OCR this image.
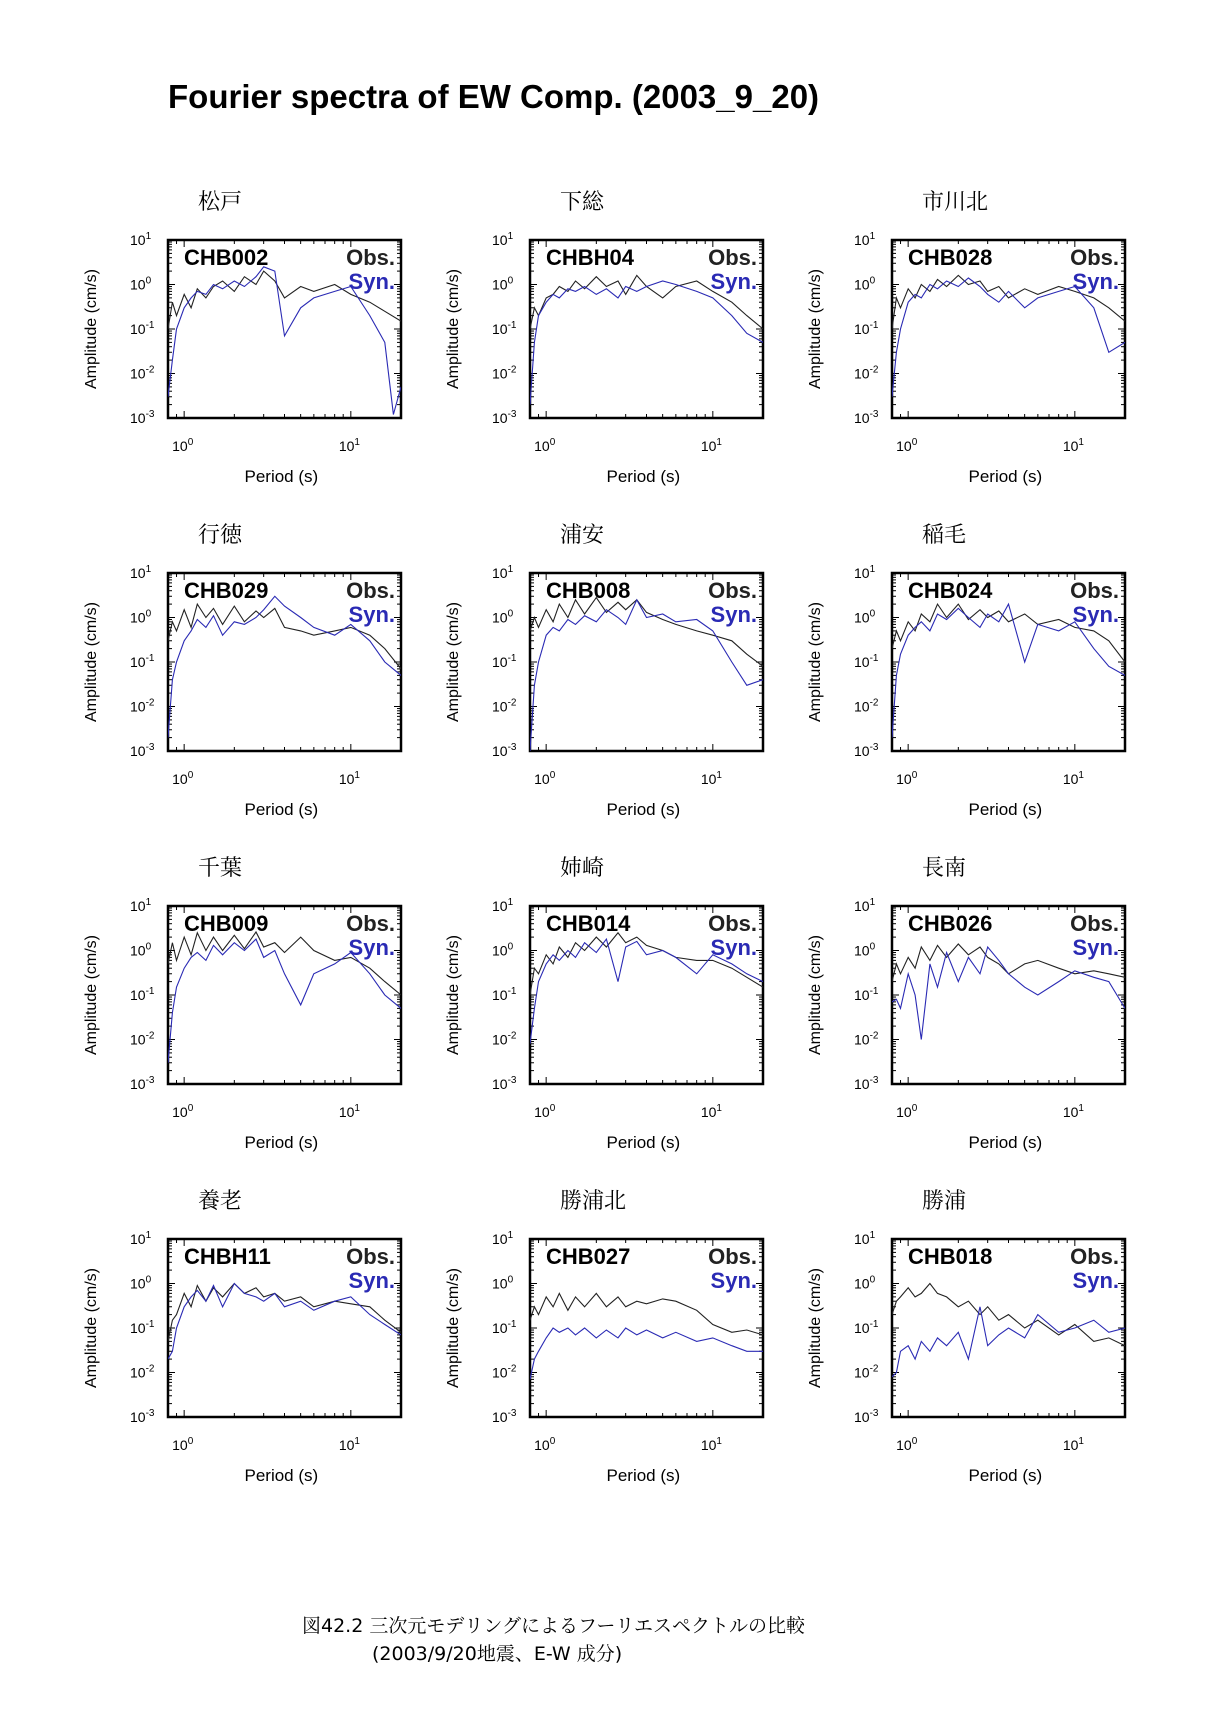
Fourier spectra of EW Comp. (2003_9_20)
松戸
$10^1$
$10^0$
$10^{-1}$
$10^{-2}$
$10^{-3}$
$10^0$	$10^1$
Period (s)
Amplitude (cm/s)
CHB002	Obs.
Syn.
下総
$10^1$
$10^0$
$10^{-1}$
$10^{-2}$
$10^{-3}$
$10^0$	$10^1$
Period (s)
Amplitude (cm/s)
CHBH04	Obs.
Syn.
市川北
$10^1$
$10^0$
$10^{-1}$
$10^{-2}$
$10^{-3}$
$10^0$	$10^1$
Period (s)
Amplitude (cm/s)
CHB028	Obs.
Syn.
行徳
$10^1$
$10^0$
$10^{-1}$
$10^{-2}$
$10^{-3}$
$10^0$	$10^1$
Period (s)
Amplitude (cm/s)
CHB029	Obs.
Syn.
浦安
$10^1$
$10^0$
$10^{-1}$
$10^{-2}$
$10^{-3}$
$10^0$	$10^1$
Period (s)
Amplitude (cm/s)
CHB008	Obs.
Syn.
稲毛
$10^1$
$10^0$
$10^{-1}$
$10^{-2}$
$10^{-3}$
$10^0$	$10^1$
Period (s)
Amplitude (cm/s)
CHB024	Obs.
Syn.
千葉
$10^1$
$10^0$
$10^{-1}$
$10^{-2}$
$10^{-3}$
$10^0$	$10^1$
Period (s)
Amplitude (cm/s)
CHB009	Obs.
Syn.
姉崎
$10^1$
$10^0$
$10^{-1}$
$10^{-2}$
$10^{-3}$
$10^0$	$10^1$
Period (s)
Amplitude (cm/s)
CHB014	Obs.
Syn.
長南
$10^1$
$10^0$
$10^{-1}$
$10^{-2}$
$10^{-3}$
$10^0$	$10^1$
Period (s)
Amplitude (cm/s)
CHB026	Obs.
Syn.
養老
$10^1$
$10^0$
$10^{-1}$
$10^{-2}$
$10^{-3}$
$10^0$	$10^1$
Period (s)
Amplitude (cm/s)
CHBH11	Obs.
Syn.
勝浦北
$10^1$
$10^0$
$10^{-1}$
$10^{-2}$
$10^{-3}$
$10^0$	$10^1$
Period (s)
Amplitude (cm/s)
CHB027	Obs.
Syn.
勝浦
$10^1$
$10^0$
$10^{-1}$
$10^{-2}$
$10^{-3}$
$10^0$	$10^1$
Period (s)
Amplitude (cm/s)
CHB018	Obs.
Syn.
図42.2 三次元モデリングによるフーリエスペクトルの比較
(2003/9/20地震、E-W 成分)
